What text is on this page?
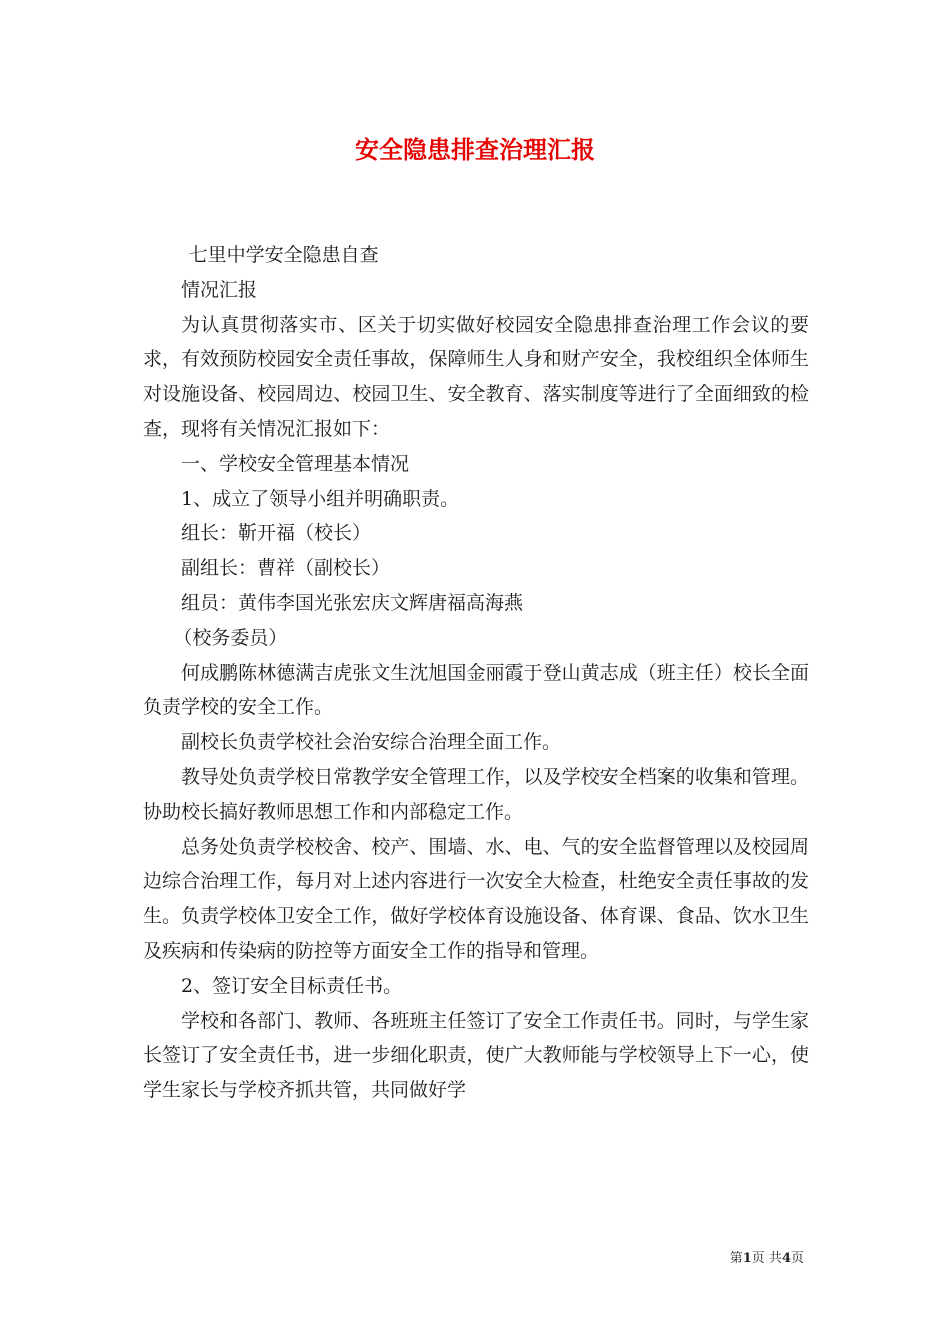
安全隐患排查治理汇报

七里中学安全隐患自查

情况汇报

为认真贯彻落实市、区关于切实做好校园安全隐患排查治理工作会议的要求，有效预防校园安全责任事故，保障师生人身和财产安全，我校组织全体师生对设施设备、校园周边、校园卫生、安全教育、落实制度等进行了全面细致的检查，现将有关情况汇报如下：

一、学校安全管理基本情况

1、成立了领导小组并明确职责。

组长：靳开福（校长）

副组长：曹祥（副校长）

组员：黄伟李国光张宏庆文辉唐福高海燕

（校务委员）

何成鹏陈林德满吉虎张文生沈旭国金丽霞于登山黄志成（班主任）校长全面负责学校的安全工作。

副校长负责学校社会治安综合治理全面工作。

教导处负责学校日常教学安全管理工作，以及学校安全档案的收集和管理。协助校长搞好教师思想工作和内部稳定工作。

总务处负责学校校舍、校产、围墙、水、电、气的安全监督管理以及校园周边综合治理工作，每月对上述内容进行一次安全大检查，杜绝安全责任事故的发生。负责学校体卫安全工作，做好学校体育设施设备、体育课、食品、饮水卫生及疾病和传染病的防控等方面安全工作的指导和管理。

2、签订安全目标责任书。

学校和各部门、教师、各班班主任签订了安全工作责任书。同时，与学生家长签订了安全责任书，进一步细化职责，使广大教师能与学校领导上下一心，使学生家长与学校齐抓共管，共同做好学

第1页 共4页
